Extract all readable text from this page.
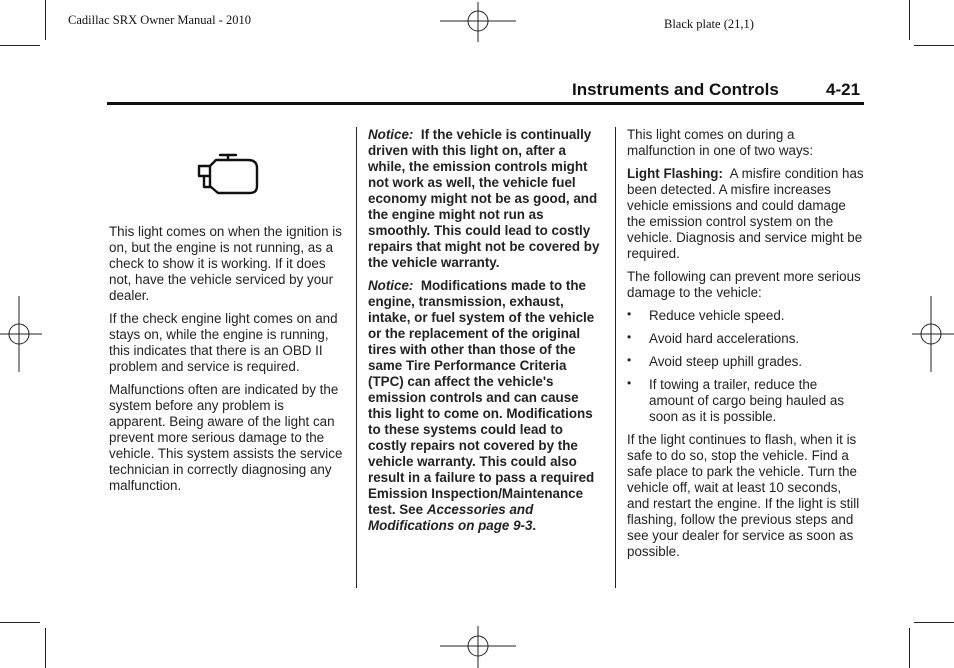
Cadillac SRX Owner Manual - 2010	Black plate (21,1)
Instruments and Controls	4-21

This light comes on when the ignition is on, but the engine is not running, as a check to show it is working. If it does not, have the vehicle serviced by your dealer.

If the check engine light comes on and stays on, while the engine is running, this indicates that there is an OBD II problem and service is required.

Malfunctions often are indicated by the system before any problem is apparent. Being aware of the light can prevent more serious damage to the vehicle. This system assists the service technician in correctly diagnosing any malfunction.

Notice: If the vehicle is continually driven with this light on, after a while, the emission controls might not work as well, the vehicle fuel economy might not be as good, and the engine might not run as smoothly. This could lead to costly repairs that might not be covered by the vehicle warranty.

Notice: Modifications made to the engine, transmission, exhaust, intake, or fuel system of the vehicle or the replacement of the original tires with other than those of the same Tire Performance Criteria (TPC) can affect the vehicle's emission controls and can cause this light to come on. Modifications to these systems could lead to costly repairs not covered by the vehicle warranty. This could also result in a failure to pass a required Emission Inspection/Maintenance test. See Accessories and Modifications on page 9-3.

This light comes on during a malfunction in one of two ways:

Light Flashing: A misfire condition has been detected. A misfire increases vehicle emissions and could damage the emission control system on the vehicle. Diagnosis and service might be required.

The following can prevent more serious damage to the vehicle:

• Reduce vehicle speed.
• Avoid hard accelerations.
• Avoid steep uphill grades.
• If towing a trailer, reduce the amount of cargo being hauled as soon as it is possible.

If the light continues to flash, when it is safe to do so, stop the vehicle. Find a safe place to park the vehicle. Turn the vehicle off, wait at least 10 seconds, and restart the engine. If the light is still flashing, follow the previous steps and see your dealer for service as soon as possible.
